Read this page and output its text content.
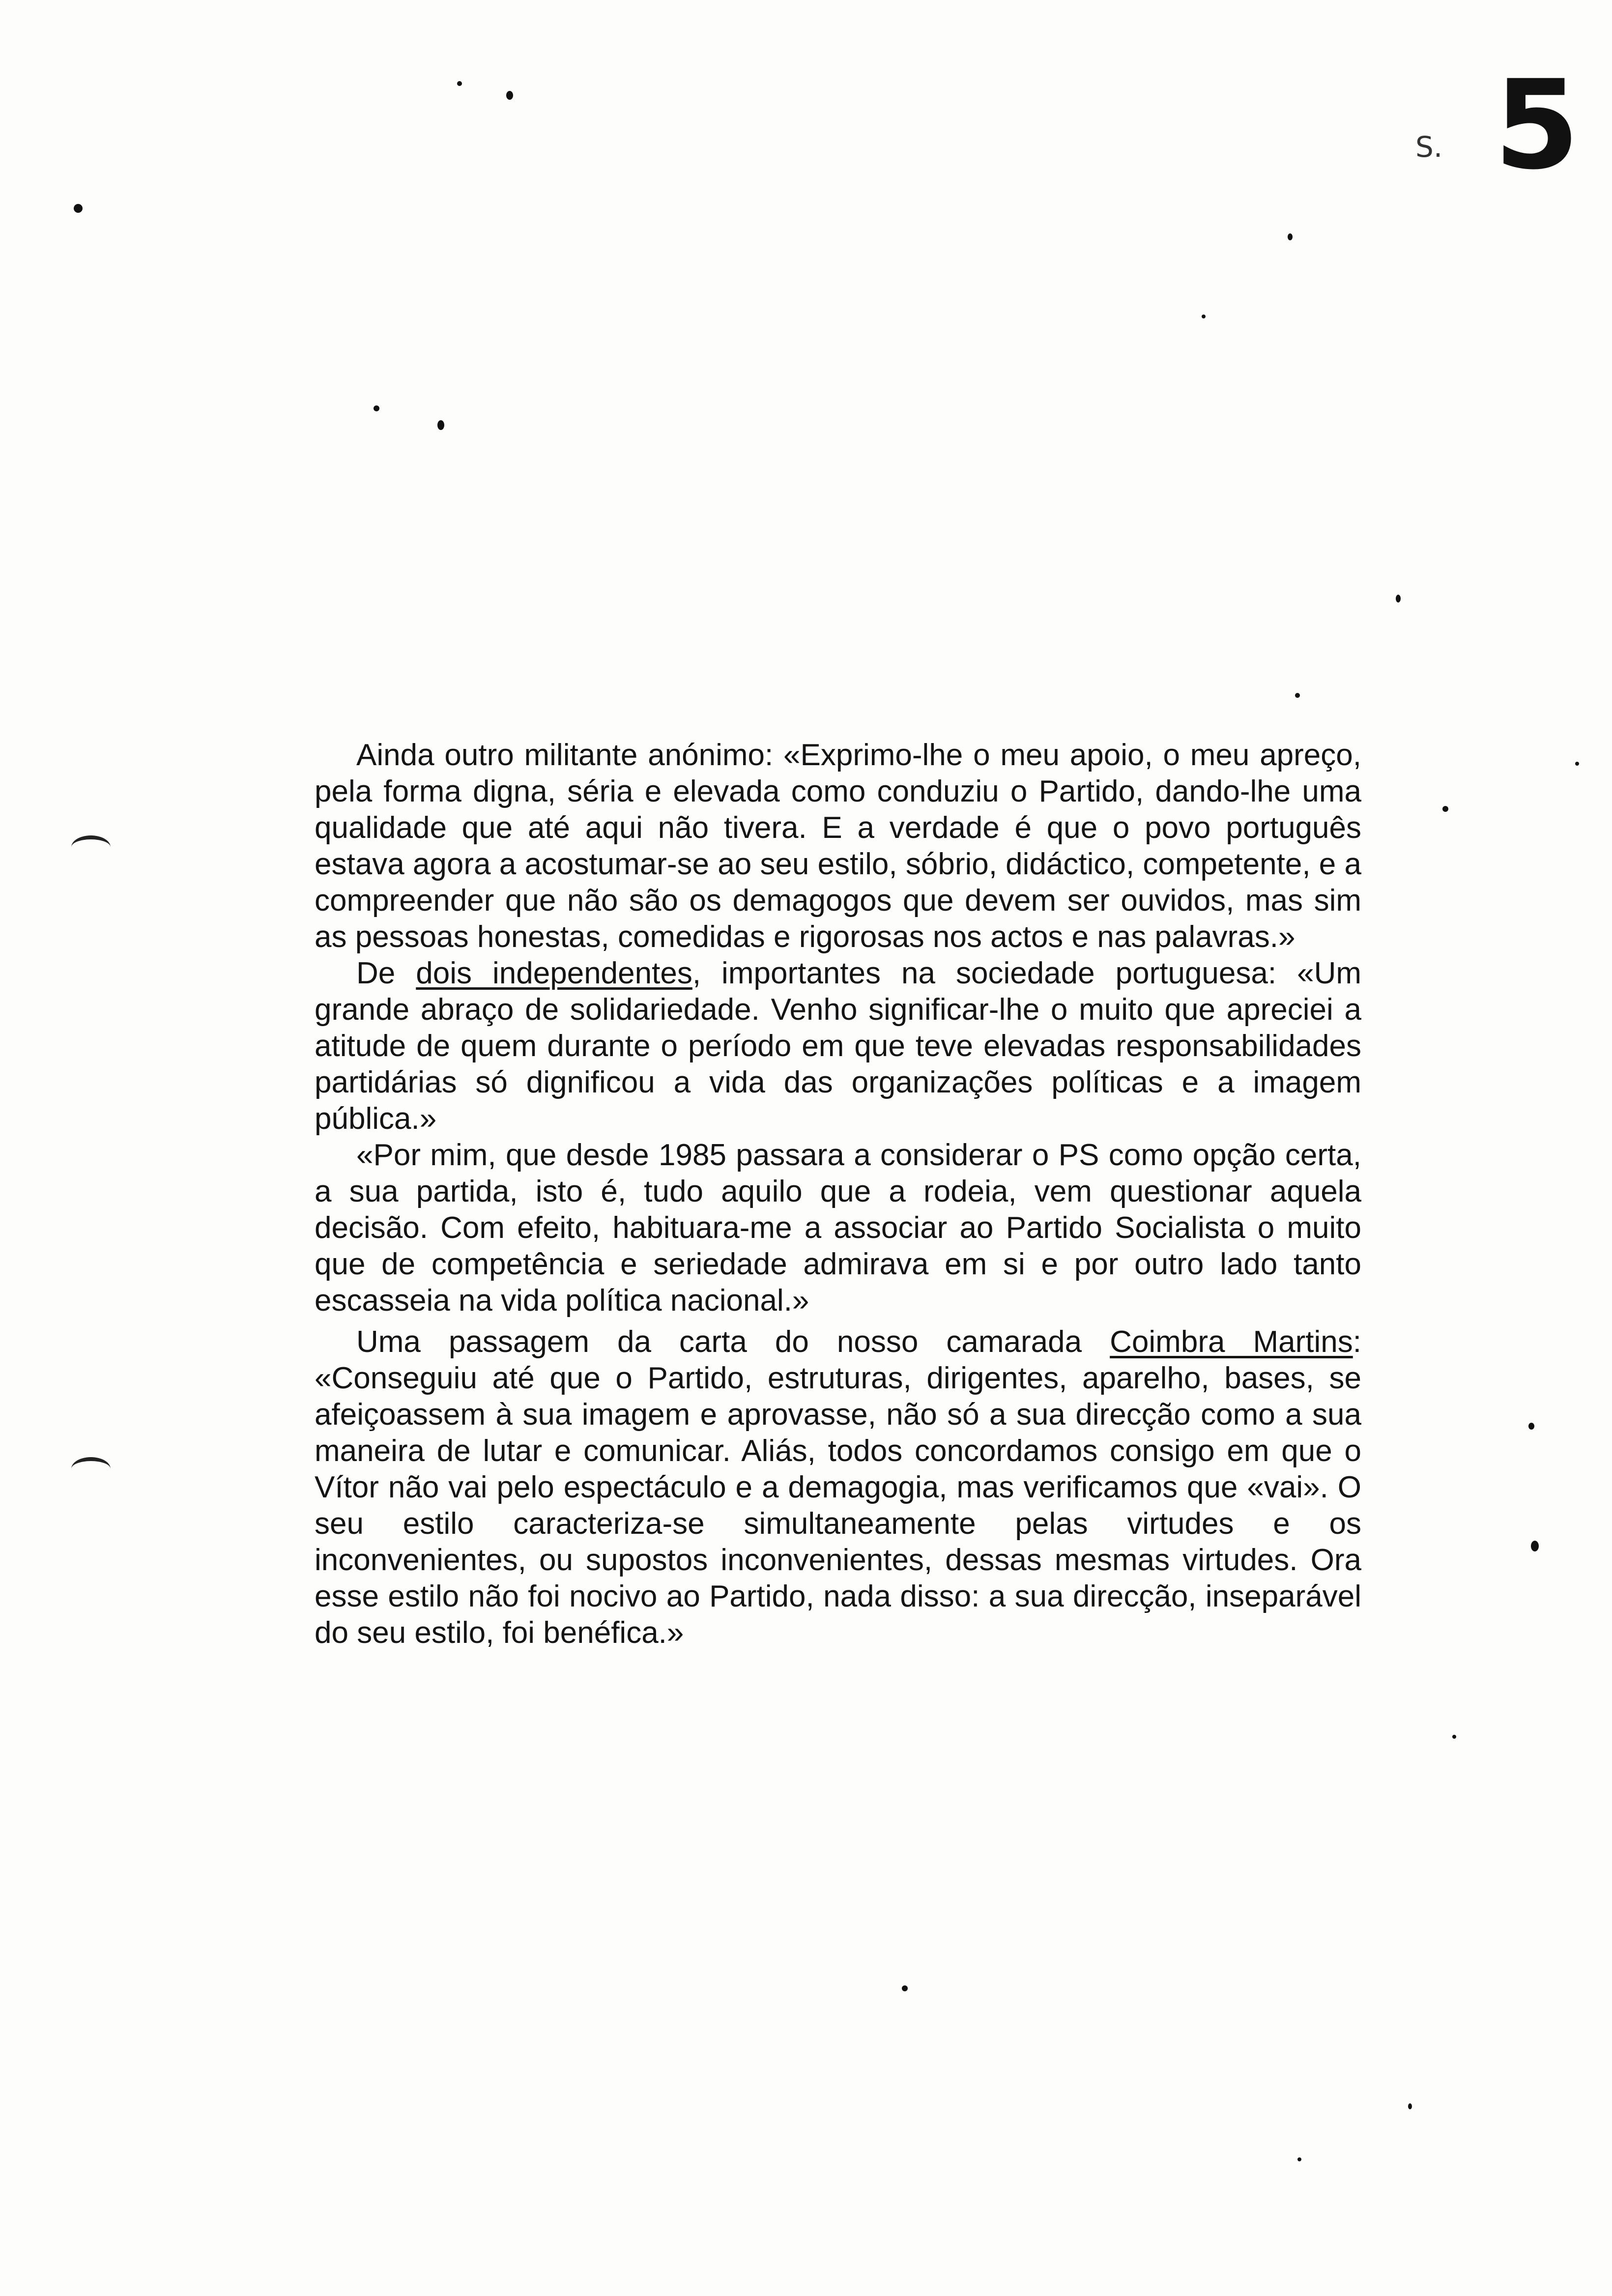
5
S.

Ainda outro militante anónimo: «Exprimo-lhe o meu apoio, o meu apreço, pela forma digna, séria e elevada como conduziu o Partido, dando-lhe uma qualidade que até aqui não tivera. E a verdade é que o povo português estava agora a acostumar-se ao seu estilo, sóbrio, didáctico, competente, e a compreender que não são os demagogos que devem ser ouvidos, mas sim as pessoas honestas, comedidas e rigorosas nos actos e nas palavras.»

De dois independentes, importantes na sociedade portuguesa: «Um grande abraço de solidariedade. Venho significar-lhe o muito que apreciei a atitude de quem durante o período em que teve elevadas responsabilidades partidárias só dignificou a vida das organizações políticas e a imagem pública.»

«Por mim, que desde 1985 passara a considerar o PS como opção certa, a sua partida, isto é, tudo aquilo que a rodeia, vem questionar aquela decisão. Com efeito, habituara-me a associar ao Partido Socialista o muito que de competência e seriedade admirava em si e por outro lado tanto escasseia na vida política nacional.»

Uma passagem da carta do nosso camarada Coimbra Martins: «Conseguiu até que o Partido, estruturas, dirigentes, aparelho, bases, se afeiçoassem à sua imagem e aprovasse, não só a sua direcção como a sua maneira de lutar e comunicar. Aliás, todos concordamos consigo em que o Vítor não vai pelo espectáculo e a demagogia, mas verificamos que «vai». O seu estilo caracteriza-se simultaneamente pelas virtudes e os inconvenientes, ou supostos inconvenientes, dessas mesmas virtudes. Ora esse estilo não foi nocivo ao Partido, nada disso: a sua direcção, inseparável do seu estilo, foi benéfica.»
